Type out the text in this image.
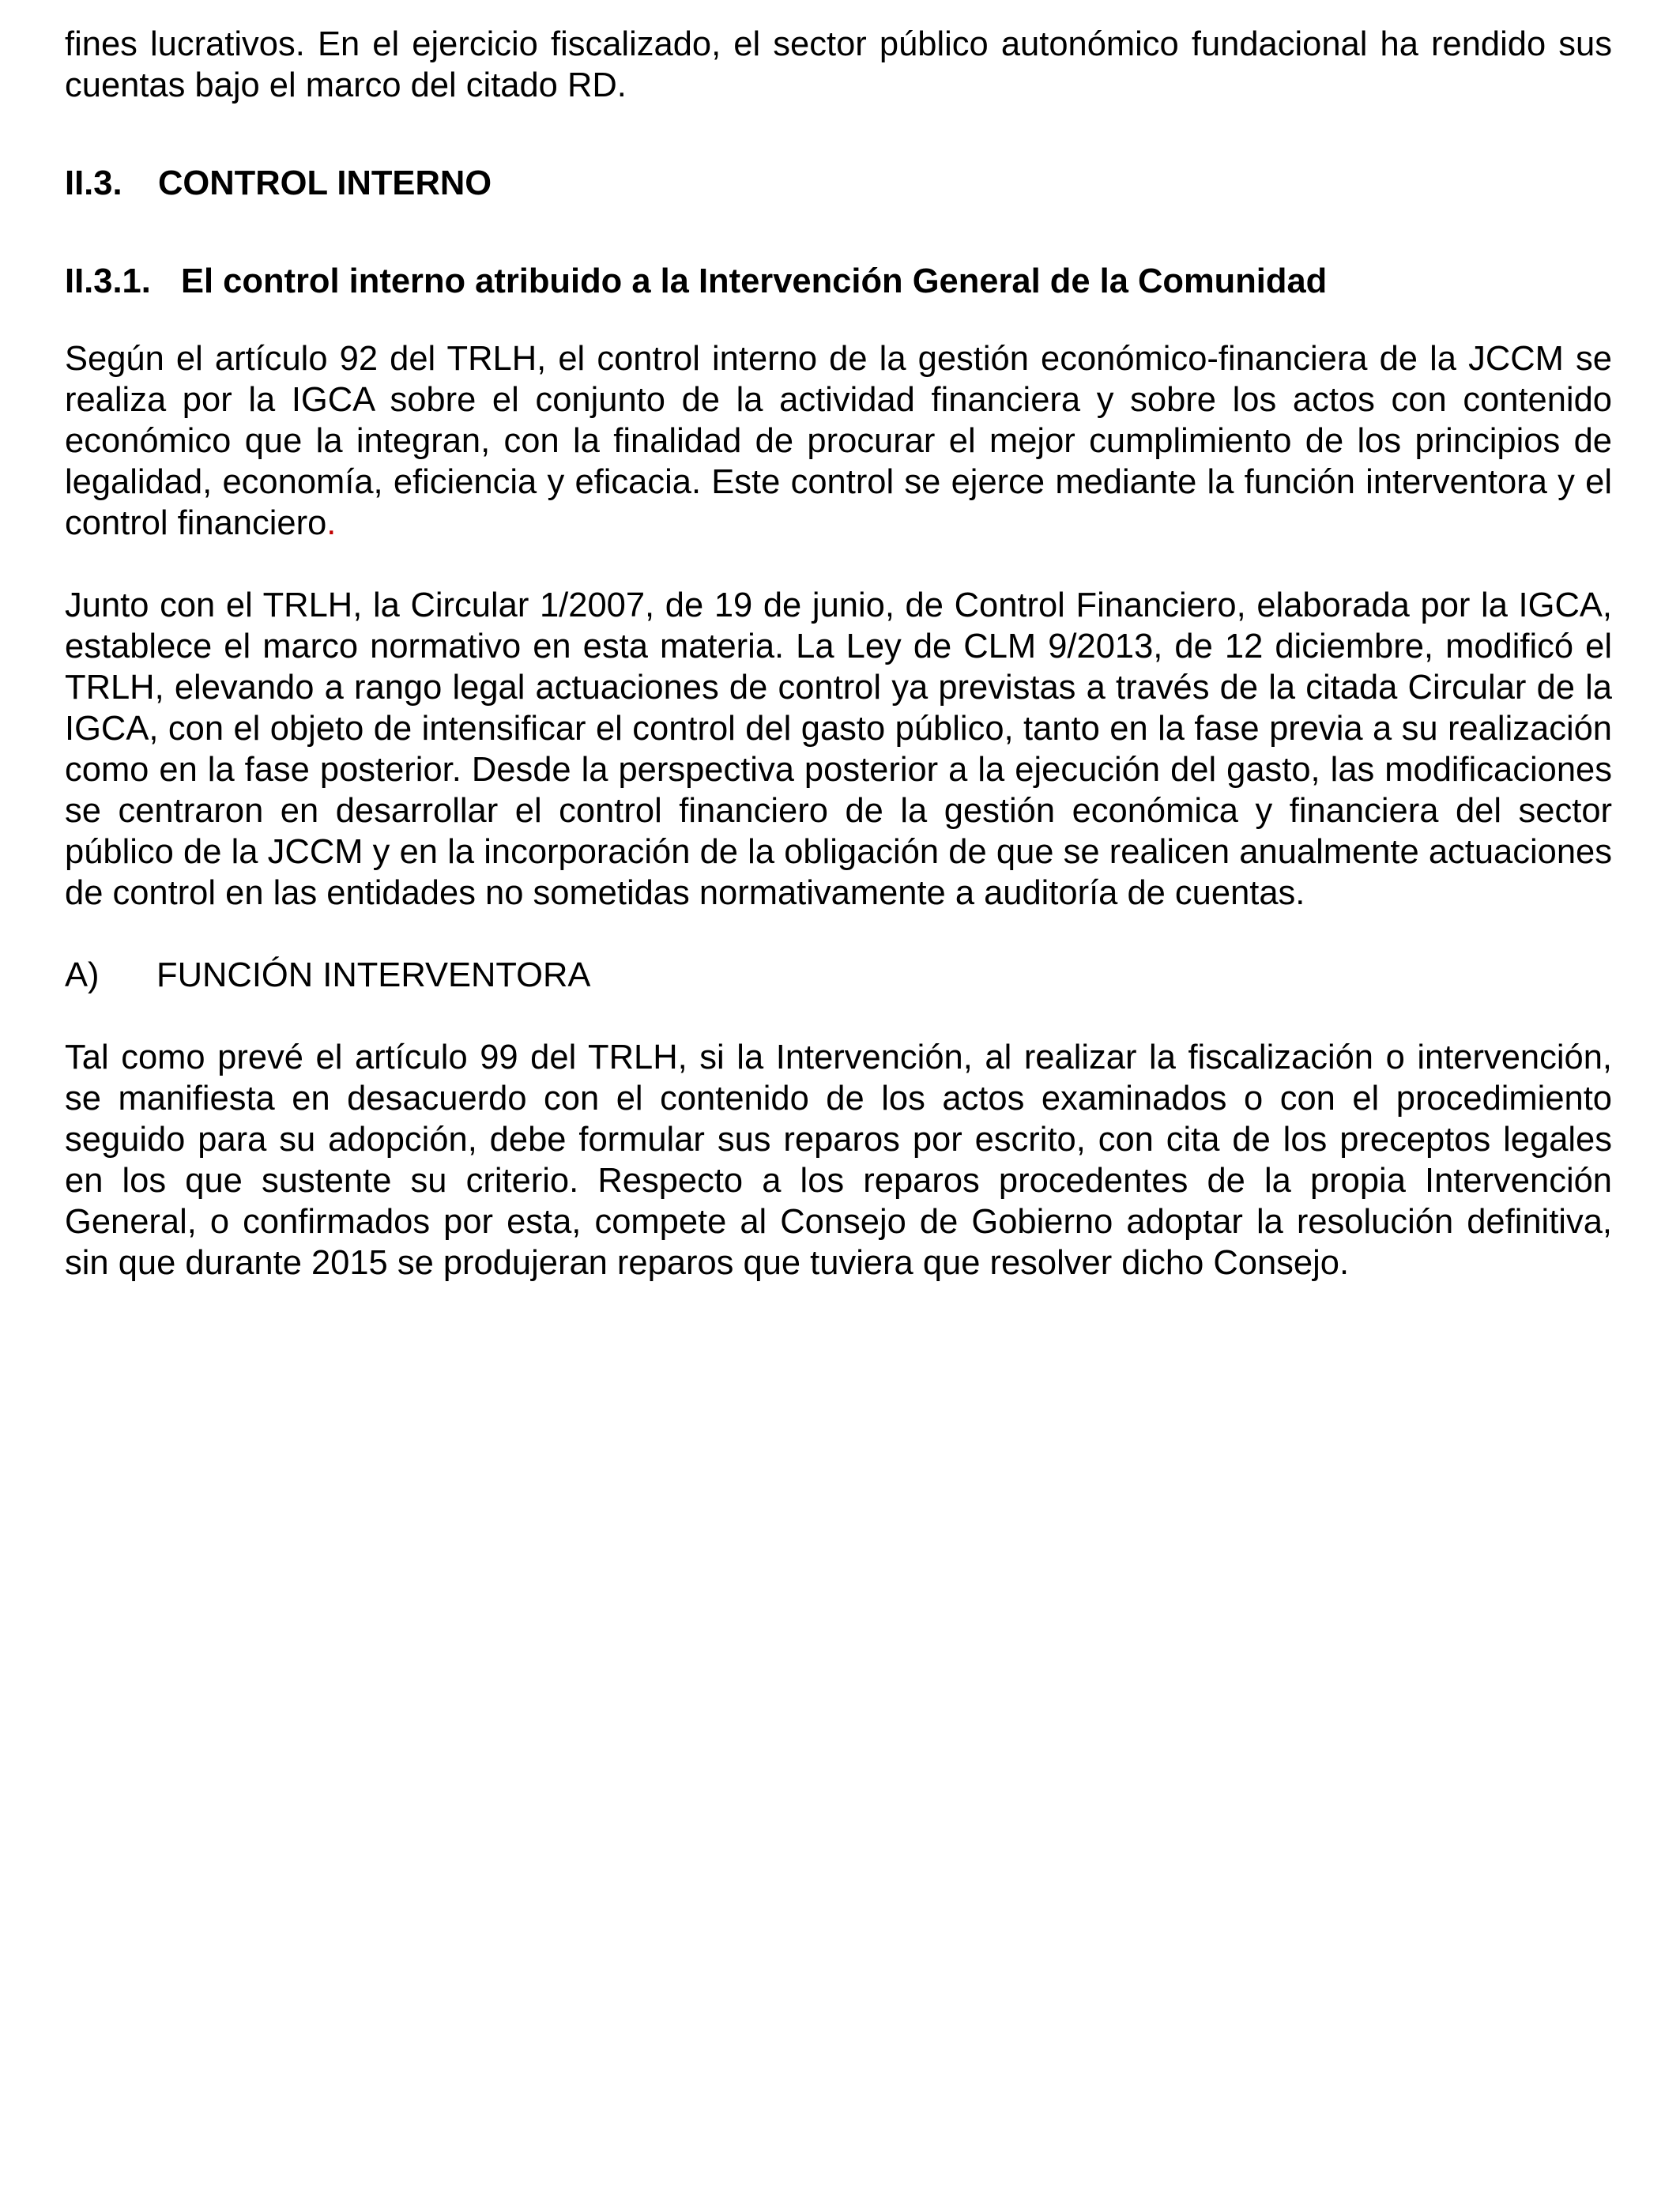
fines lucrativos. En el ejercicio fiscalizado, el sector público autonómico fundacional ha rendido sus cuentas bajo el marco del citado RD.

II.3.	CONTROL INTERNO
II.3.1. El control interno atribuido a la Intervención General de la Comunidad

Según el artículo 92 del TRLH, el control interno de la gestión económico-financiera de la JCCM se realiza por la IGCA sobre el conjunto de la actividad financiera y sobre los actos con contenido económico que la integran, con la finalidad de procurar el mejor cumplimiento de los principios de legalidad, economía, eficiencia y eficacia. Este control se ejerce mediante la función interventora y el control financiero.

Junto con el TRLH, la Circular 1/2007, de 19 de junio, de Control Financiero, elaborada por la IGCA, establece el marco normativo en esta materia. La Ley de CLM 9/2013, de 12 diciembre, modificó el TRLH, elevando a rango legal actuaciones de control ya previstas a través de la citada Circular de la IGCA, con el objeto de intensificar el control del gasto público, tanto en la fase previa a su realización como en la fase posterior. Desde la perspectiva posterior a la ejecución del gasto, las modificaciones se centraron en desarrollar el control financiero de la gestión económica y financiera del sector público de la JCCM y en la incorporación de la obligación de que se realicen anualmente actuaciones de control en las entidades no sometidas normativamente a auditoría de cuentas.

A)	FUNCIÓN INTERVENTORA

Tal como prevé el artículo 99 del TRLH, si la Intervención, al realizar la fiscalización o intervención, se manifiesta en desacuerdo con el contenido de los actos examinados o con el procedimiento seguido para su adopción, debe formular sus reparos por escrito, con cita de los preceptos legales en los que sustente su criterio. Respecto a los reparos procedentes de la propia Intervención General, o confirmados por esta, compete al Consejo de Gobierno adoptar la resolución definitiva, sin que durante 2015 se produjeran reparos que tuviera que resolver dicho Consejo.
